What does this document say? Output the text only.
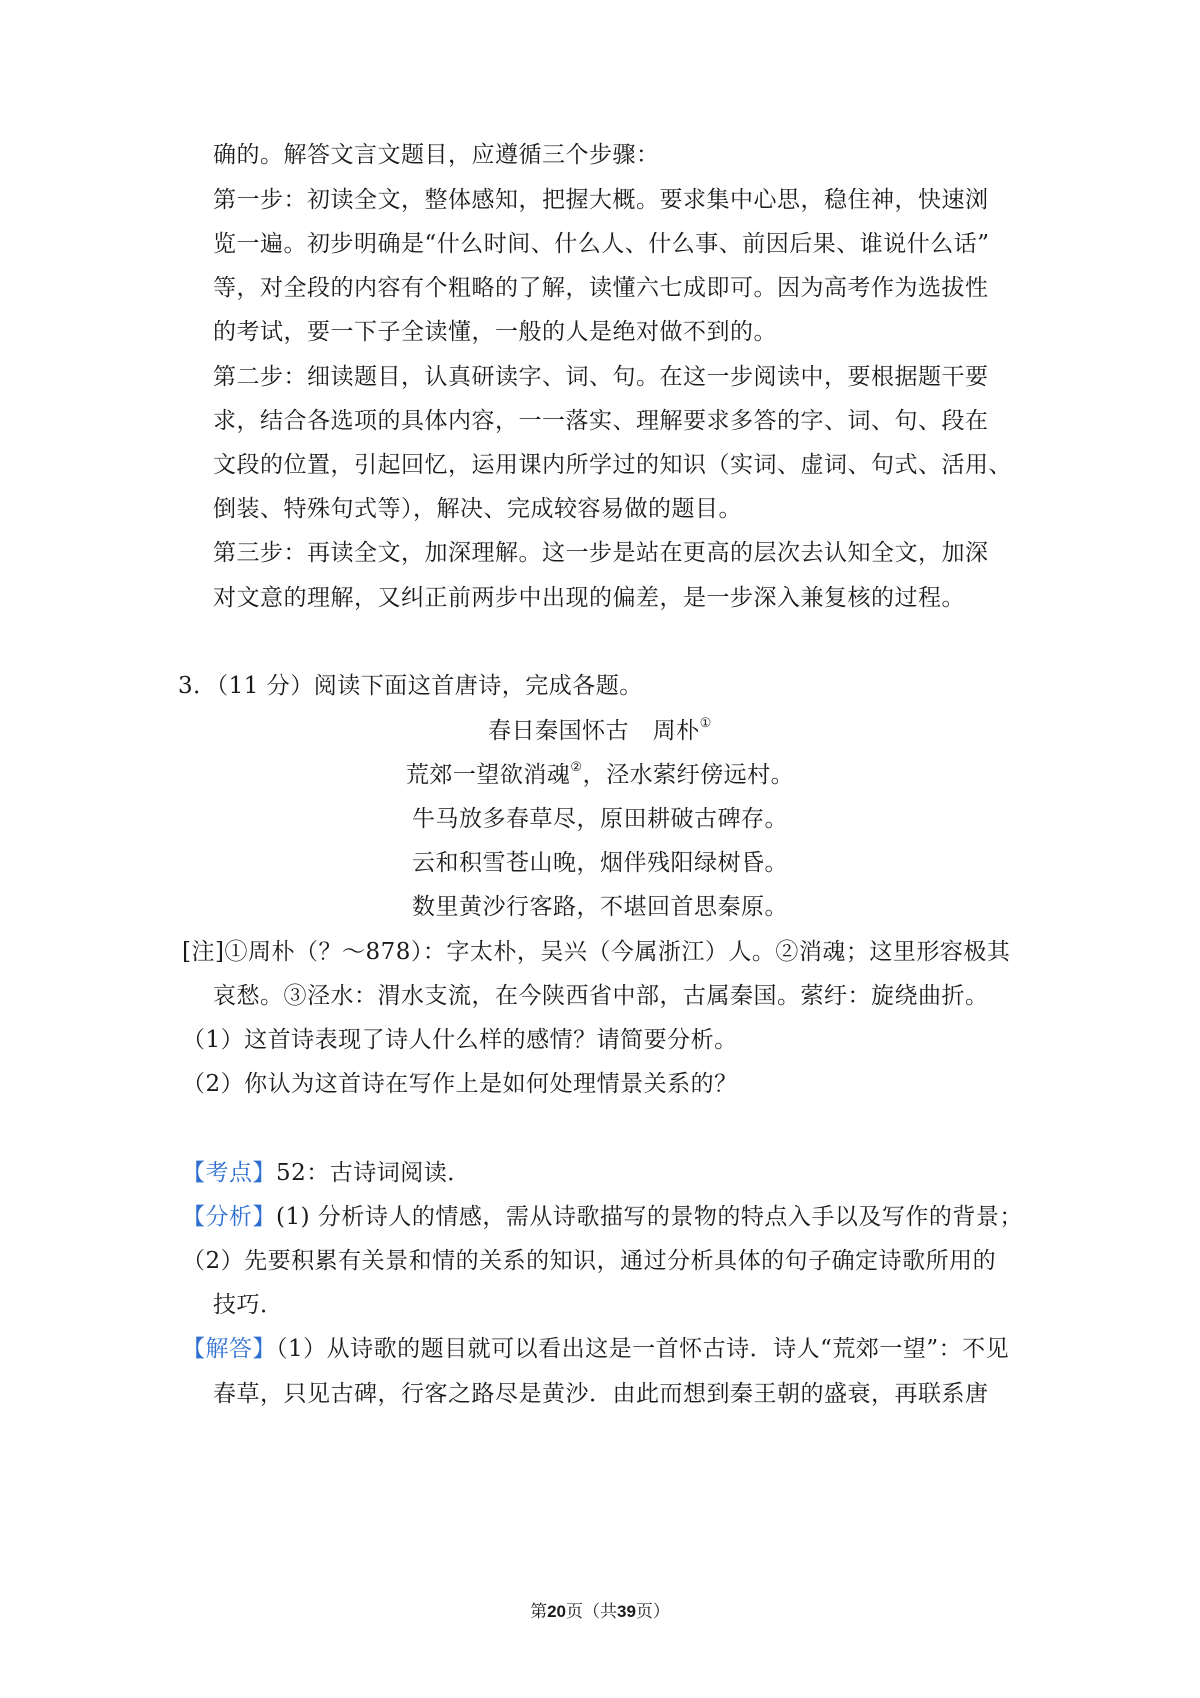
确的。解答文言文题目，应遵循三个步骤：
第一步：初读全文，整体感知，把握大概。要求集中心思，稳住神，快速浏
览一遍。初步明确是“什么时间、什么人、什么事、前因后果、谁说什么话”
等，对全段的内容有个粗略的了解，读懂六七成即可。因为高考作为选拔性
的考试，要一下子全读懂，一般的人是绝对做不到的。
第二步：细读题目，认真研读字、词、句。在这一步阅读中，要根据题干要
求，结合各选项的具体内容，一一落实、理解要求多答的字、词、句、段在
文段的位置，引起回忆，运用课内所学过的知识（实词、虚词、句式、活用、
倒装、特殊句式等），解决、完成较容易做的题目。
第三步：再读全文，加深理解。这一步是站在更高的层次去认知全文，加深
对文意的理解，又纠正前两步中出现的偏差，是一步深入兼复核的过程。
3．（11 分）阅读下面这首唐诗，完成各题。
春日秦国怀古　周朴①
荒郊一望欲消魂②，泾水萦纡傍远村。
牛马放多春草尽，原田耕破古碑存。
云和积雪苍山晚，烟伴残阳绿树昏。
数里黄沙行客路，不堪回首思秦原。
[注]①周朴（？～878）：字太朴，吴兴（今属浙江）人。②消魂；这里形容极其
哀愁。③泾水：渭水支流，在今陕西省中部，古属秦国。萦纡：旋绕曲折。
（1）这首诗表现了诗人什么样的感情？请简要分析。
（2）你认为这首诗在写作上是如何处理情景关系的？
【考点】52：古诗词阅读．
【分析】(1) 分析诗人的情感，需从诗歌描写的景物的特点入手以及写作的背景；
（2）先要积累有关景和情的关系的知识，通过分析具体的句子确定诗歌所用的
技巧．
【解答】（1）从诗歌的题目就可以看出这是一首怀古诗．诗人“荒郊一望”：不见
春草，只见古碑，行客之路尽是黄沙．由此而想到秦王朝的盛衰，再联系唐
第20页（共39页）
